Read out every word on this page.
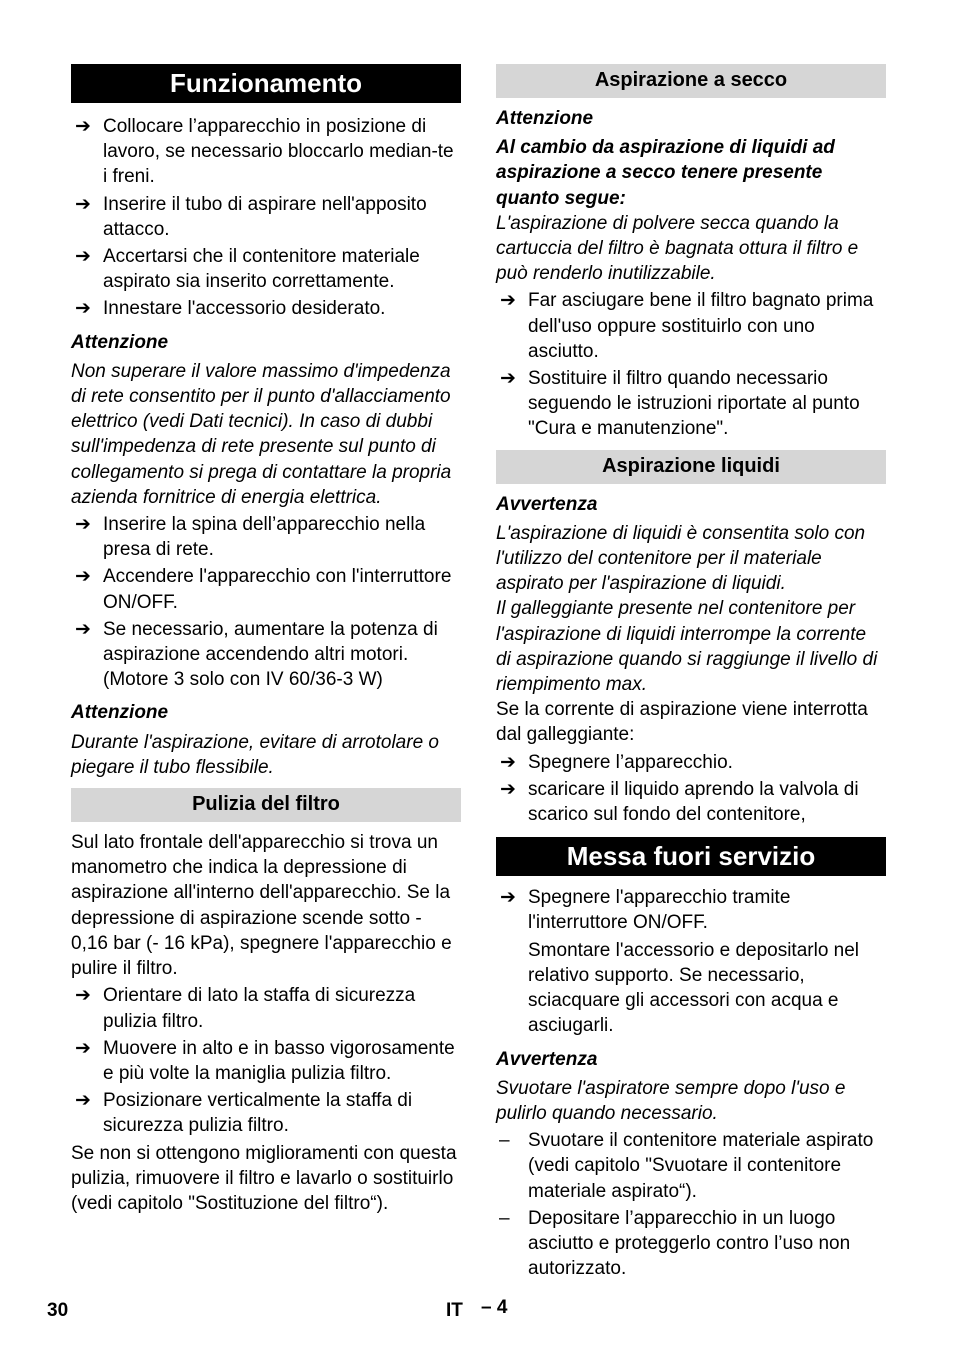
Funzionamento
➔ Collocare l’apparecchio in posizione di lavoro, se necessario bloccarlo median-te i freni.
➔ Inserire il tubo di aspirare nell'apposito attacco.
➔ Accertarsi che il contenitore materiale aspirato sia inserito correttamente.
➔ Innestare l'accessorio desiderato.

Attenzione

Non superare il valore massimo d'impedenza di rete consentito per il punto d'allacciamento elettrico (vedi Dati tecnici). In caso di dubbi sull'impedenza di rete presente sul punto di collegamento si prega di contattare la propria azienda fornitrice di energia elettrica.

➔ Inserire la spina dell’apparecchio nella presa di rete.
➔ Accendere l'apparecchio con l'interruttore ON/OFF.
➔ Se necessario, aumentare la potenza di aspirazione accendendo altri motori. (Motore 3 solo con IV 60/36-3 W)

Attenzione

Durante l'aspirazione, evitare di arrotolare o piegare il tubo flessibile.

Pulizia del filtro

Sul lato frontale dell'apparecchio si trova un manometro che indica la depressione di aspirazione all'interno dell'apparecchio. Se la depressione di aspirazione scende sotto - 0,16 bar (- 16 kPa), spegnere l'apparecchio e pulire il filtro.

➔ Orientare di lato la staffa di sicurezza pulizia filtro.
➔ Muovere in alto e in basso vigorosamente e più volte la maniglia pulizia filtro.
➔ Posizionare verticalmente la staffa di sicurezza pulizia filtro.

Se non si ottengono miglioramenti con questa pulizia, rimuovere il filtro e lavarlo o sostituirlo (vedi capitolo "Sostituzione del filtro“).

Aspirazione a secco

Attenzione

Al cambio da aspirazione di liquidi ad aspirazione a secco tenere presente quanto segue:

L'aspirazione di polvere secca quando la cartuccia del filtro è bagnata ottura il filtro e può renderlo inutilizzabile.

➔ Far asciugare bene il filtro bagnato prima dell'uso oppure sostituirlo con uno asciutto.
➔ Sostituire il filtro quando necessario seguendo le istruzioni riportate al punto "Cura e manutenzione".
Aspirazione liquidi

Avvertenza

L'aspirazione di liquidi è consentita solo con l'utilizzo del contenitore per il materiale aspirato per l'aspirazione di liquidi.

Il galleggiante presente nel contenitore per l'aspirazione di liquidi interrompe la corrente di aspirazione quando si raggiunge il livello di riempimento max.

Se la corrente di aspirazione viene interrotta dal galleggiante:

➔ Spegnere l’apparecchio.
➔ scaricare il liquido aprendo la valvola di scarico sul fondo del contenitore,
Messa fuori servizio
➔ Spegnere l'apparecchio tramite l'interruttore ON/OFF.

Smontare l'accessorio e depositarlo nel relativo supporto. Se necessario, sciacquare gli accessori con acqua e asciugarli.

Avvertenza

Svuotare l'aspiratore sempre dopo l'uso e pulirlo quando necessario.

– Svuotare il contenitore materiale aspirato (vedi capitolo "Svuotare il contenitore materiale aspirato“).
– Depositare l’apparecchio in un luogo asciutto e proteggerlo contro l’uso non autorizzato.
30	IT – 4
